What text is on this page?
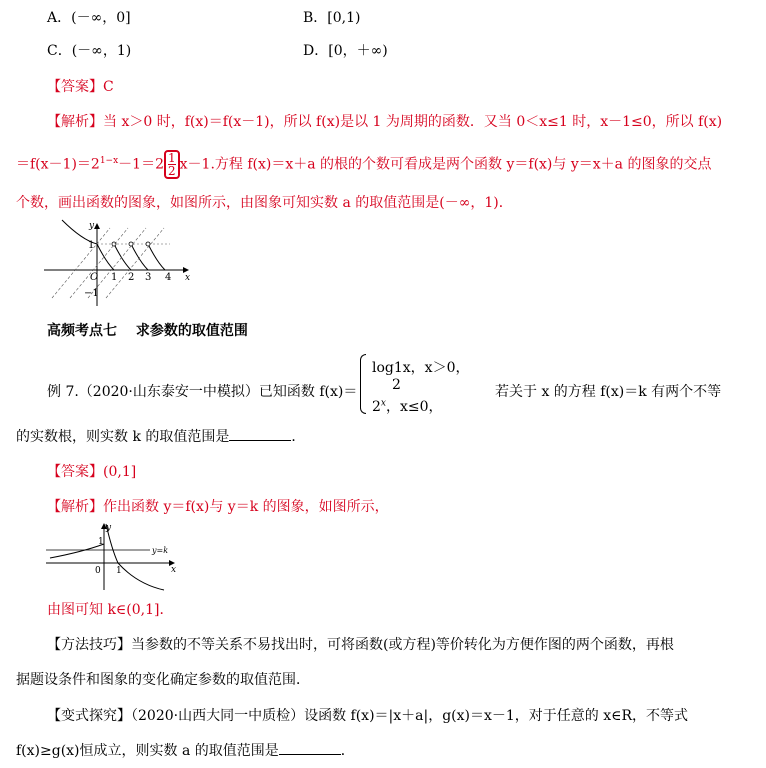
A．(－∞，0]	B．[0,1)
C．(－∞，1)	D．[0，＋∞)
【答案】C
【解析】当 x＞0 时，f(x)＝f(x－1)，所以 f(x)是以 1 为周期的函数．又当 0＜x≤1 时，x－1≤0，所以 f(x)
$=f(x-1)=2^{1-x}-1=2 \frac{1}{2} x-1$.方程 f(x)＝x＋a 的根的个数可看成是两个函数 y＝f(x)与 y＝x＋a 的图象的交点
个数，画出函数的图象，如图所示，由图象可知实数 a 的取值范围是(－∞，1)．
y
x
O
1
−1
1 2 3 4
高频考点七　 求参数的取值范围
例 7.（2020·山东泰安一中模拟）已知函数 f(x)＝
log1x，x＞0，
2
2$^x$，x≤0，
若关于 x 的方程 f(x)＝k 有两个不等
的实数根，则实数 k 的取值范围是	．
【答案】(0,1]
【解析】作出函数 y＝f(x)与 y＝k 的图象，如图所示，
y=k
y
x
0 1
1
由图可知 k∈(0,1]．
【方法技巧】当参数的不等关系不易找出时，可将函数(或方程)等价转化为方便作图的两个函数，再根
据题设条件和图象的变化确定参数的取值范围．
【变式探究】（2020·山西大同一中质检）设函数 f(x)＝|x＋a|，g(x)＝x－1，对于任意的 x∈R，不等式
f(x)≥g(x)恒成立，则实数 a 的取值范围是	．
